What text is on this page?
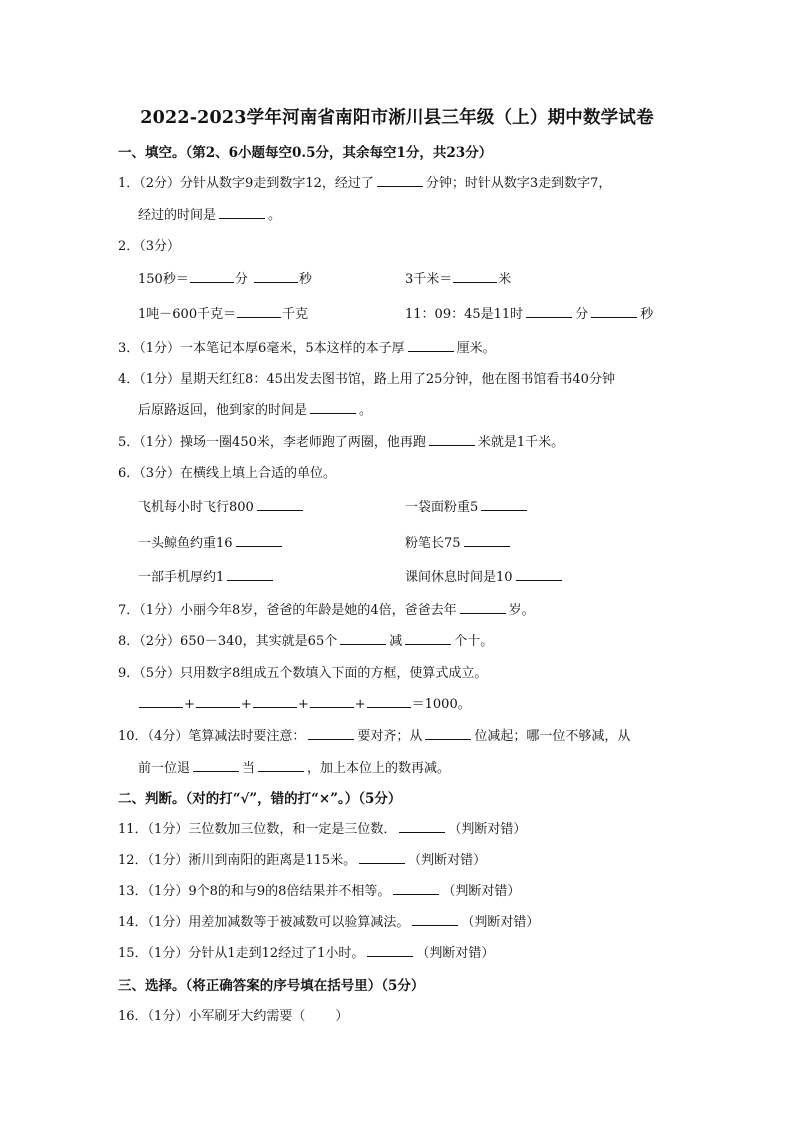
2022-2023学年河南省南阳市淅川县三年级（上）期中数学试卷
一、填空。（第2、6小题每空0.5分，其余每空1分，共23分）
1．（2分）分针从数字9走到数字12，经过了	分钟；时针从数字3走到数字7，
经过的时间是	。
2．（3分）
150秒＝	分	秒	3千米＝	米
1吨－600千克＝	千克	11：09：45是11时	分	秒
3．（1分）一本笔记本厚6毫米，5本这样的本子厚	厘米。
4．（1分）星期天红红8：45出发去图书馆，路上用了25分钟，他在图书馆看书40分钟
后原路返回，他到家的时间是	。
5．（1分）操场一圈450米，李老师跑了两圈，他再跑	米就是1千米。
6．（3分）在横线上填上合适的单位。
飞机每小时飞行800	一袋面粉重5
一头鲸鱼约重16	粉笔长75
一部手机厚约1	课间休息时间是10
7．（1分）小丽今年8岁，爸爸的年龄是她的4倍，爸爸去年	岁。
8．（2分）650－340，其实就是65个	减	个十。
9．（5分）只用数字8组成五个数填入下面的方框，使算式成立。
+	+	+	+	＝1000。
10．（4分）笔算减法时要注意：	要对齐；从	位减起；哪一位不够减，从
前一位退	当	，加上本位上的数再减。
二、判断。（对的打“√”，错的打“×”。）（5分）
11．（1分）三位数加三位数，和一定是三位数．	（判断对错）
12．（1分）淅川到南阳的距离是115米。	（判断对错）
13．（1分）9个8的和与9的8倍结果并不相等。	（判断对错）
14．（1分）用差加减数等于被减数可以验算减法。	（判断对错）
15．（1分）分针从1走到12经过了1小时。	（判断对错）
三、选择。（将正确答案的序号填在括号里）（5分）
16．（1分）小军刷牙大约需要（ ）
